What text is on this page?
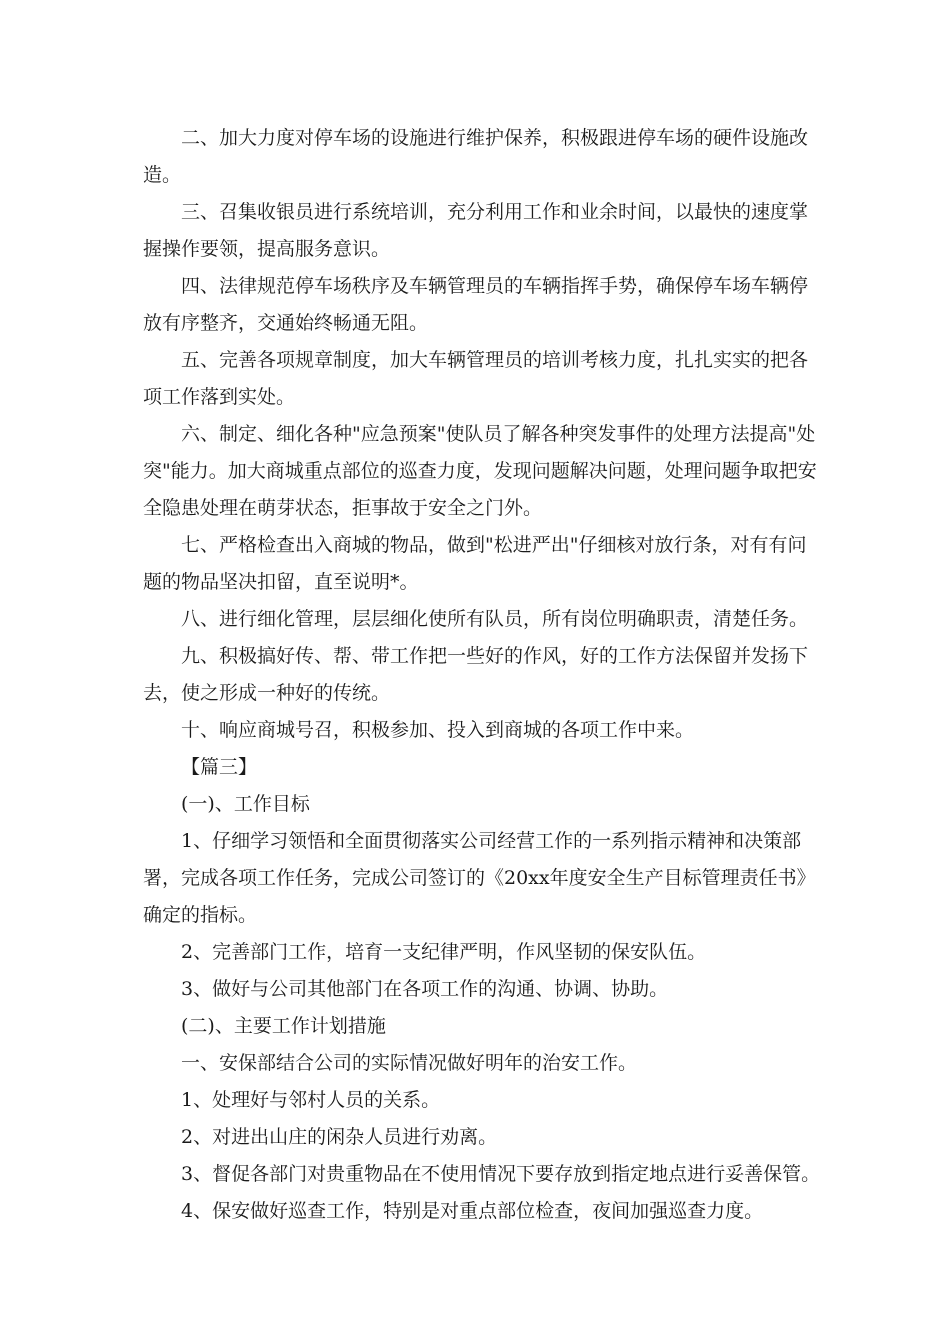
二、加大力度对停车场的设施进行维护保养，积极跟进停车场的硬件设施改造。

三、召集收银员进行系统培训，充分利用工作和业余时间，以最快的速度掌握操作要领，提高服务意识。

四、法律规范停车场秩序及车辆管理员的车辆指挥手势，确保停车场车辆停放有序整齐，交通始终畅通无阻。

五、完善各项规章制度，加大车辆管理员的培训考核力度，扎扎实实的把各项工作落到实处。

六、制定、细化各种"应急预案"使队员了解各种突发事件的处理方法提高"处突"能力。加大商城重点部位的巡查力度，发现问题解决问题，处理问题争取把安全隐患处理在萌芽状态，拒事故于安全之门外。

七、严格检查出入商城的物品，做到"松进严出"仔细核对放行条，对有有问题的物品坚决扣留，直至说明*。

八、进行细化管理，层层细化使所有队员，所有岗位明确职责，清楚任务。

九、积极搞好传、帮、带工作把一些好的作风，好的工作方法保留并发扬下去，使之形成一种好的传统。

十、响应商城号召，积极参加、投入到商城的各项工作中来。

【篇三】

(一)、工作目标

1、仔细学习领悟和全面贯彻落实公司经营工作的一系列指示精神和决策部署，完成各项工作任务，完成公司签订的《20xx年度安全生产目标管理责任书》确定的指标。

2、完善部门工作，培育一支纪律严明，作风坚韧的保安队伍。

3、做好与公司其他部门在各项工作的沟通、协调、协助。

(二)、主要工作计划措施

一、安保部结合公司的实际情况做好明年的治安工作。

1、处理好与邻村人员的关系。

2、对进出山庄的闲杂人员进行劝离。

3、督促各部门对贵重物品在不使用情况下要存放到指定地点进行妥善保管。

4、保安做好巡查工作，特别是对重点部位检查，夜间加强巡查力度。
